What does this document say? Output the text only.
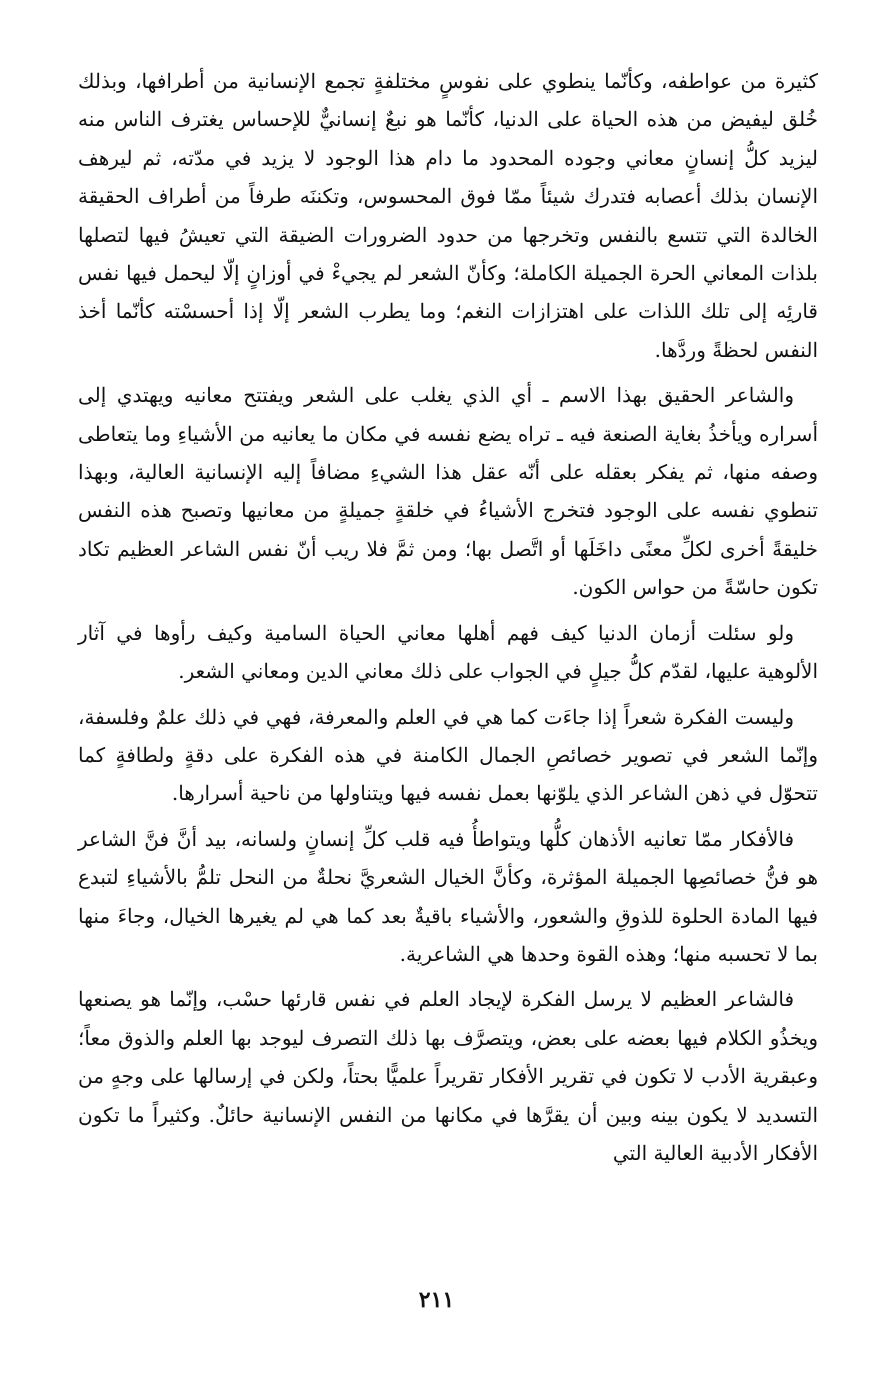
كثيرة من عواطفه، وكأنّما ينطوي على نفوسٍ مختلفةٍ تجمع الإنسانية من أطرافها، وبذلك خُلق ليفيض من هذه الحياة على الدنيا، كأنّما هو نبعٌ إنسانيٌّ للإحساس يغترف الناس منه ليزيد كلُّ إنسانٍ معاني وجوده المحدود ما دام هذا الوجود لا يزيد في مدّته، ثم ليرهف الإنسان بذلك أعصابه فتدرك شيئاً ممّا فوق المحسوس، وتكننَه طرفاً من أطراف الحقيقة الخالدة التي تتسع بالنفس وتخرجها من حدود الضرورات الضيقة التي تعيشُ فيها لتصلها بلذات المعاني الحرة الجميلة الكاملة؛ وكأنّ الشعر لم يجيءْ في أوزانٍ إلّا ليحمل فيها نفس قارئِه إلى تلك اللذات على اهتزازات النغم؛ وما يطرب الشعر إلّا إذا أحسسْته كأنّما أخذ النفس لحظةً وردَّها.

والشاعر الحقيق بهذا الاسم ـ أي الذي يغلب على الشعر ويفتتح معانيه ويهتدي إلى أسراره ويأخذُ بغاية الصنعة فيه ـ تراه يضع نفسه في مكان ما يعانيه من الأشياءِ وما يتعاطى وصفه منها، ثم يفكر بعقله على أنّه عقل هذا الشيءِ مضافاً إليه الإنسانية العالية، وبهذا تنطوي نفسه على الوجود فتخرج الأشياءُ في خلقةٍ جميلةٍ من معانيها وتصبح هذه النفس خليقةً أخرى لكلِّ معنًى داخَلَها أو اتَّصل بها؛ ومن ثمَّ فلا ريب أنّ نفس الشاعر العظيم تكاد تكون حاسّةً من حواس الكون.

ولو سئلت أزمان الدنيا كيف فهم أهلها معاني الحياة السامية وكيف رأوها في آثار الألوهية عليها، لقدّم كلُّ جيلٍ في الجواب على ذلك معاني الدين ومعاني الشعر.

وليست الفكرة شعراً إذا جاءَت كما هي في العلم والمعرفة، فهي في ذلك علمٌ وفلسفة، وإنّما الشعر في تصوير خصائصِ الجمال الكامنة في هذه الفكرة على دقةٍ ولطافةٍ كما تتحوّل في ذهن الشاعر الذي يلوّنها بعمل نفسه فيها ويتناولها من ناحية أسرارها.

فالأفكار ممّا تعانيه الأذهان كلُّها ويتواطأُ فيه قلب كلِّ إنسانٍ ولسانه، بيد أنَّ فنَّ الشاعر هو فنُّ خصائصِها الجميلة المؤثرة، وكأنَّ الخيال الشعريَّ نحلةٌ من النحل تلمُّ بالأشياءِ لتبدع فيها المادة الحلوة للذوقِ والشعور، والأشياء باقيةٌ بعد كما هي لم يغيرها الخيال، وجاءَ منها بما لا تحسبه منها؛ وهذه القوة وحدها هي الشاعرية.

فالشاعر العظيم لا يرسل الفكرة لإيجاد العلم في نفس قارئها حسْب، وإنّما هو يصنعها ويخذُو الكلام فيها بعضه على بعض، ويتصرَّف بها ذلك التصرف ليوجد بها العلم والذوق معاً؛ وعبقرية الأدب لا تكون في تقرير الأفكار تقريراً علميًّا بحتاً، ولكن في إرسالها على وجهٍ من التسديد لا يكون بينه وبين أن يقرَّها في مكانها من النفس الإنسانية حائلٌ. وكثيراً ما تكون الأفكار الأدبية العالية التي

٢١١
